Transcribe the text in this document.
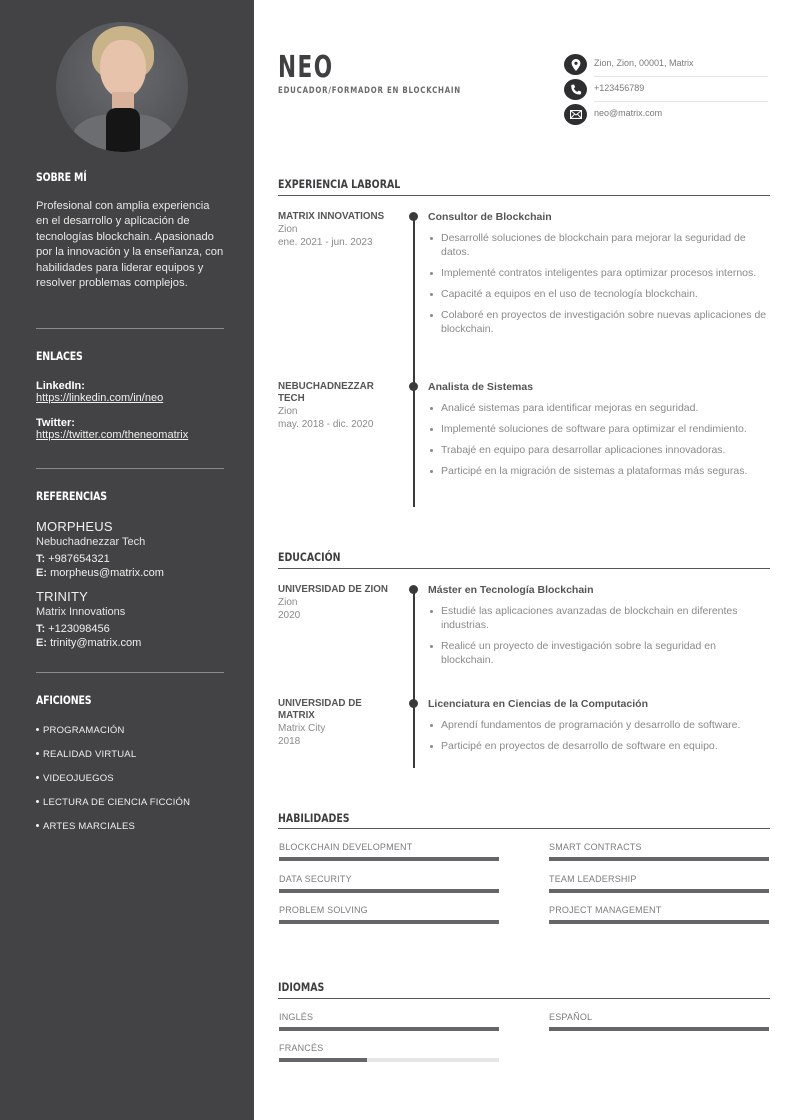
SOBRE MÍ
Profesional con amplia experiencia en el desarrollo y aplicación de tecnologías blockchain. Apasionado por la innovación y la enseñanza, con habilidades para liderar equipos y resolver problemas complejos.
ENLACES
LinkedIn:
https://linkedin.com/in/neo
Twitter:
https://twitter.com/theneomatrix
REFERENCIAS
MORPHEUS
Nebuchadnezzar Tech
T: +987654321
E: morpheus@matrix.com
TRINITY
Matrix Innovations
T: +123098456
E: trinity@matrix.com
AFICIONES
PROGRAMACIÓN
REALIDAD VIRTUAL
VIDEOJUEGOS
LECTURA DE CIENCIA FICCIÓN
ARTES MARCIALES
NEO
EDUCADOR/FORMADOR EN BLOCKCHAIN
Zion, Zion, 00001, Matrix
+123456789
neo@matrix.com
EXPERIENCIA LABORAL
MATRIX INNOVATIONS
Zion
ene. 2021 - jun. 2023
Consultor de Blockchain
Desarrollé soluciones de blockchain para mejorar la seguridad de datos.
Implementé contratos inteligentes para optimizar procesos internos.
Capacité a equipos en el uso de tecnología blockchain.
Colaboré en proyectos de investigación sobre nuevas aplicaciones de blockchain.
NEBUCHADNEZZAR TECH
Zion
may. 2018 - dic. 2020
Analista de Sistemas
Analicé sistemas para identificar mejoras en seguridad.
Implementé soluciones de software para optimizar el rendimiento.
Trabajé en equipo para desarrollar aplicaciones innovadoras.
Participé en la migración de sistemas a plataformas más seguras.
EDUCACIÓN
UNIVERSIDAD DE ZION
Zion
2020
Máster en Tecnología Blockchain
Estudié las aplicaciones avanzadas de blockchain en diferentes industrias.
Realicé un proyecto de investigación sobre la seguridad en blockchain.
UNIVERSIDAD DE MATRIX
Matrix City
2018
Licenciatura en Ciencias de la Computación
Aprendí fundamentos de programación y desarrollo de software.
Participé en proyectos de desarrollo de software en equipo.
HABILIDADES
BLOCKCHAIN DEVELOPMENT	SMART CONTRACTS
DATA SECURITY	TEAM LEADERSHIP
PROBLEM SOLVING	PROJECT MANAGEMENT
IDIOMAS
INGLÉS	ESPAÑOL
FRANCÉS
